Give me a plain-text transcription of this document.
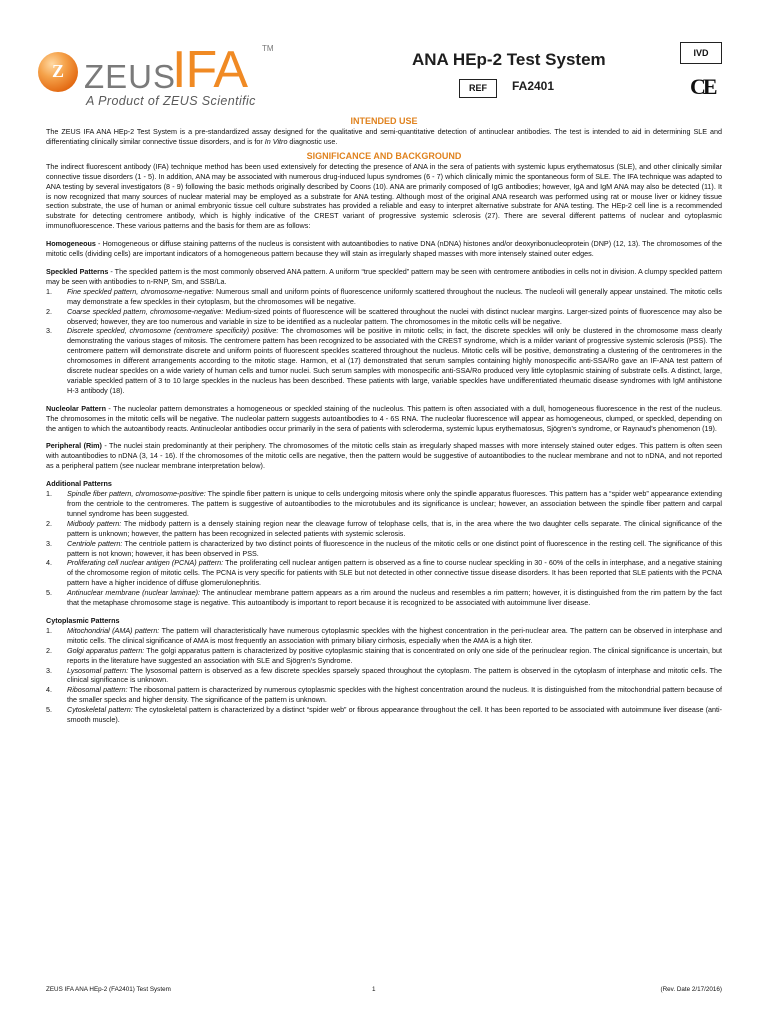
Z ZEUS
IFA TM
A Product of ZEUS Scientific
ANA HEp-2 Test System	IVD
REF	FA2401	CE
INTENDED USE

The ZEUS IFA ANA HEp-2 Test System is a pre-standardized assay designed for the qualitative and semi-quantitative detection of antinuclear antibodies. The test is intended to aid in determining SLE and differentiating clinically similar connective tissue disorders, and is for In Vitro diagnostic use.

SIGNIFICANCE AND BACKGROUND

The indirect fluorescent antibody (IFA) technique method has been used extensively for detecting the presence of ANA in the sera of patients with systemic lupus erythematosus (SLE), and other clinically similar connective tissue disorders (1 - 5). In addition, ANA may be associated with numerous drug-induced lupus syndromes (6 - 7) which clinically mimic the spontaneous form of SLE. The IFA technique was adapted to ANA testing by several investigators (8 - 9) following the basic methods originally described by Coons (10). ANA are primarily composed of IgG antibodies; however, IgA and IgM ANA may also be detected (11). It is now recognized that many sources of nuclear material may be employed as a substrate for ANA testing. Although most of the original ANA research was performed using rat or mouse liver or kidney tissue section substrate, the use of human or animal embryonic tissue cell culture substrates has provided a reliable and easy to interpret alternative substrate for ANA testing. The HEp-2 cell line is a recommended substrate for detecting centromere antibody, which is highly indicative of the CREST variant of progressive systemic sclerosis (27). There are several different patterns of nuclear and cytoplasmic immunofluorescence. These various patterns and the basis for them are as follows:

Homogeneous - Homogeneous or diffuse staining patterns of the nucleus is consistent with autoantibodies to native DNA (nDNA) histones and/or deoxyribonucleoprotein (DNP) (12, 13). The chromosomes of the mitotic cells (dividing cells) are important indicators of a homogeneous pattern because they will stain as irregularly shaped masses with more intensely stained outer edges.

Speckled Patterns - The speckled pattern is the most commonly observed ANA pattern. A uniform “true speckled” pattern may be seen with centromere antibodies in cells not in division. A clumpy speckled pattern may be seen with antibodies to n-RNP, Sm, and SSB/La.

1. Fine speckled pattern, chromosome-negative: Numerous small and uniform points of fluorescence uniformly scattered throughout the nucleus. The nucleoli will generally appear unstained. The mitotic cells may demonstrate a few speckles in their cytoplasm, but the chromosomes will be negative.
2. Coarse speckled pattern, chromosome-negative: Medium-sized points of fluorescence will be scattered throughout the nuclei with distinct nuclear margins. Larger-sized points of fluorescence may also be observed; however, they are too numerous and variable in size to be identified as a nucleolar pattern. The chromosomes in the mitotic cells will be negative.
3. Discrete speckled, chromosome (centromere specificity) positive: The chromosomes will be positive in mitotic cells; in fact, the discrete speckles will only be clustered in the chromosome mass clearly demonstrating the various stages of mitosis. The centromere pattern has been recognized to be associated with the CREST syndrome, which is a milder variant of progressive systemic sclerosis (PSS). The centromere pattern will demonstrate discrete and uniform points of fluorescent speckles scattered throughout the nucleus. Mitotic cells will be positive, demonstrating a clustering of the centromeres in the chromosomes in different arrangements according to the mitotic stage. Harmon, et al (17) demonstrated that serum samples containing highly monospecific anti-SSA/Ro gave an IF-ANA test pattern of discrete nuclear speckles on a wide variety of human cells and tumor nuclei. Such serum samples with monospecific anti-SSA/Ro produced very little cytoplasmic staining of substrate cells. A distinct, large, variable speckled pattern of 3 to 10 large speckles in the nucleus has been described. These patients with large, variable speckles have undifferentiated rheumatic disease syndromes with IgM antihistone H-3 antibody (18).

Nucleolar Pattern - The nucleolar pattern demonstrates a homogeneous or speckled staining of the nucleolus. This pattern is often associated with a dull, homogeneous fluorescence in the rest of the nucleus. The chromosomes in the mitotic cells will be negative. The nucleolar pattern suggests autoantibodies to 4 - 6S RNA. The nucleolar fluorescence will appear as homogeneous, clumped, or speckled, depending on the antigen to which the autoantibody reacts. Antinucleolar antibodies occur primarily in the sera of patients with scleroderma, systemic lupus erythematosus, Sjögren’s syndrome, or Raynaud’s phenomenon (19).

Peripheral (Rim) - The nuclei stain predominantly at their periphery. The chromosomes of the mitotic cells stain as irregularly shaped masses with more intensely stained outer edges. This pattern is often seen with autoantibodies to nDNA (3, 14 - 16). If the chromosomes of the mitotic cells are negative, then the pattern would be suggestive of autoantibodies to the nuclear membrane and not to nDNA, and not reported as a peripheral pattern (see nuclear membrane interpretation below).

Additional Patterns

1. Spindle fiber pattern, chromosome-positive: The spindle fiber pattern is unique to cells undergoing mitosis where only the spindle apparatus fluoresces. This pattern has a “spider web” appearance extending from the centriole to the centromeres. The pattern is suggestive of autoantibodies to the microtubules and its significance is unclear; however, an association between the spindle fiber pattern and carpal tunnel syndrome has been suggested.
2. Midbody pattern: The midbody pattern is a densely staining region near the cleavage furrow of telophase cells, that is, in the area where the two daughter cells separate. The clinical significance of the pattern is unknown; however, the pattern has been recognized in selected patients with systemic sclerosis.
3. Centriole pattern: The centriole pattern is characterized by two distinct points of fluorescence in the nucleus of the mitotic cells or one distinct point of fluorescence in the resting cell. The significance of this pattern is not known; however, it has been observed in PSS.
4. Proliferating cell nuclear antigen (PCNA) pattern: The proliferating cell nuclear antigen pattern is observed as a fine to course nuclear speckling in 30 - 60% of the cells in interphase, and a negative staining of the chromosome region of mitotic cells. The PCNA is very specific for patients with SLE but not detected in other connective tissue disease disorders. It has been reported that SLE patients with the PCNA pattern have a higher incidence of diffuse glomerulonephritis.
5. Antinuclear membrane (nuclear laminae): The antinuclear membrane pattern appears as a rim around the nucleus and resembles a rim pattern; however, it is distinguished from the rim pattern by the fact that the metaphase chromosome stage is negative. This autoantibody is important to report because it is recognized to be associated with autoimmune liver disease.

Cytoplasmic Patterns

1. Mitochondrial (AMA) pattern: The pattern will characteristically have numerous cytoplasmic speckles with the highest concentration in the peri-nuclear area. The pattern can be observed in interphase and mitotic cells. The clinical significance of AMA is most frequently an association with primary biliary cirrhosis, especially when the AMA is a high titer.
2. Golgi apparatus pattern: The golgi apparatus pattern is characterized by positive cytoplasmic staining that is concentrated on only one side of the perinuclear region. The clinical significance is uncertain, but reports in the literature have suggested an association with SLE and Sjögren’s Syndrome.
3. Lysosomal pattern: The lysosomal pattern is observed as a few discrete speckles sparsely spaced throughout the cytoplasm. The pattern is observed in the cytoplasm of interphase and mitotic cells. The clinical significance is unknown.
4. Ribosomal pattern: The ribosomal pattern is characterized by numerous cytoplasmic speckles with the highest concentration around the nucleus. It is distinguished from the mitochondrial pattern because of the smaller specks and higher density. The significance of the pattern is unknown.
5. Cytoskeletal pattern: The cytoskeletal pattern is characterized by a distinct “spider web” or fibrous appearance throughout the cell. It has been reported to be associated with autoimmune liver disease (anti-smooth muscle).
ZEUS IFA ANA HEp-2 (FA2401) Test System	1	(Rev. Date 2/17/2016)
